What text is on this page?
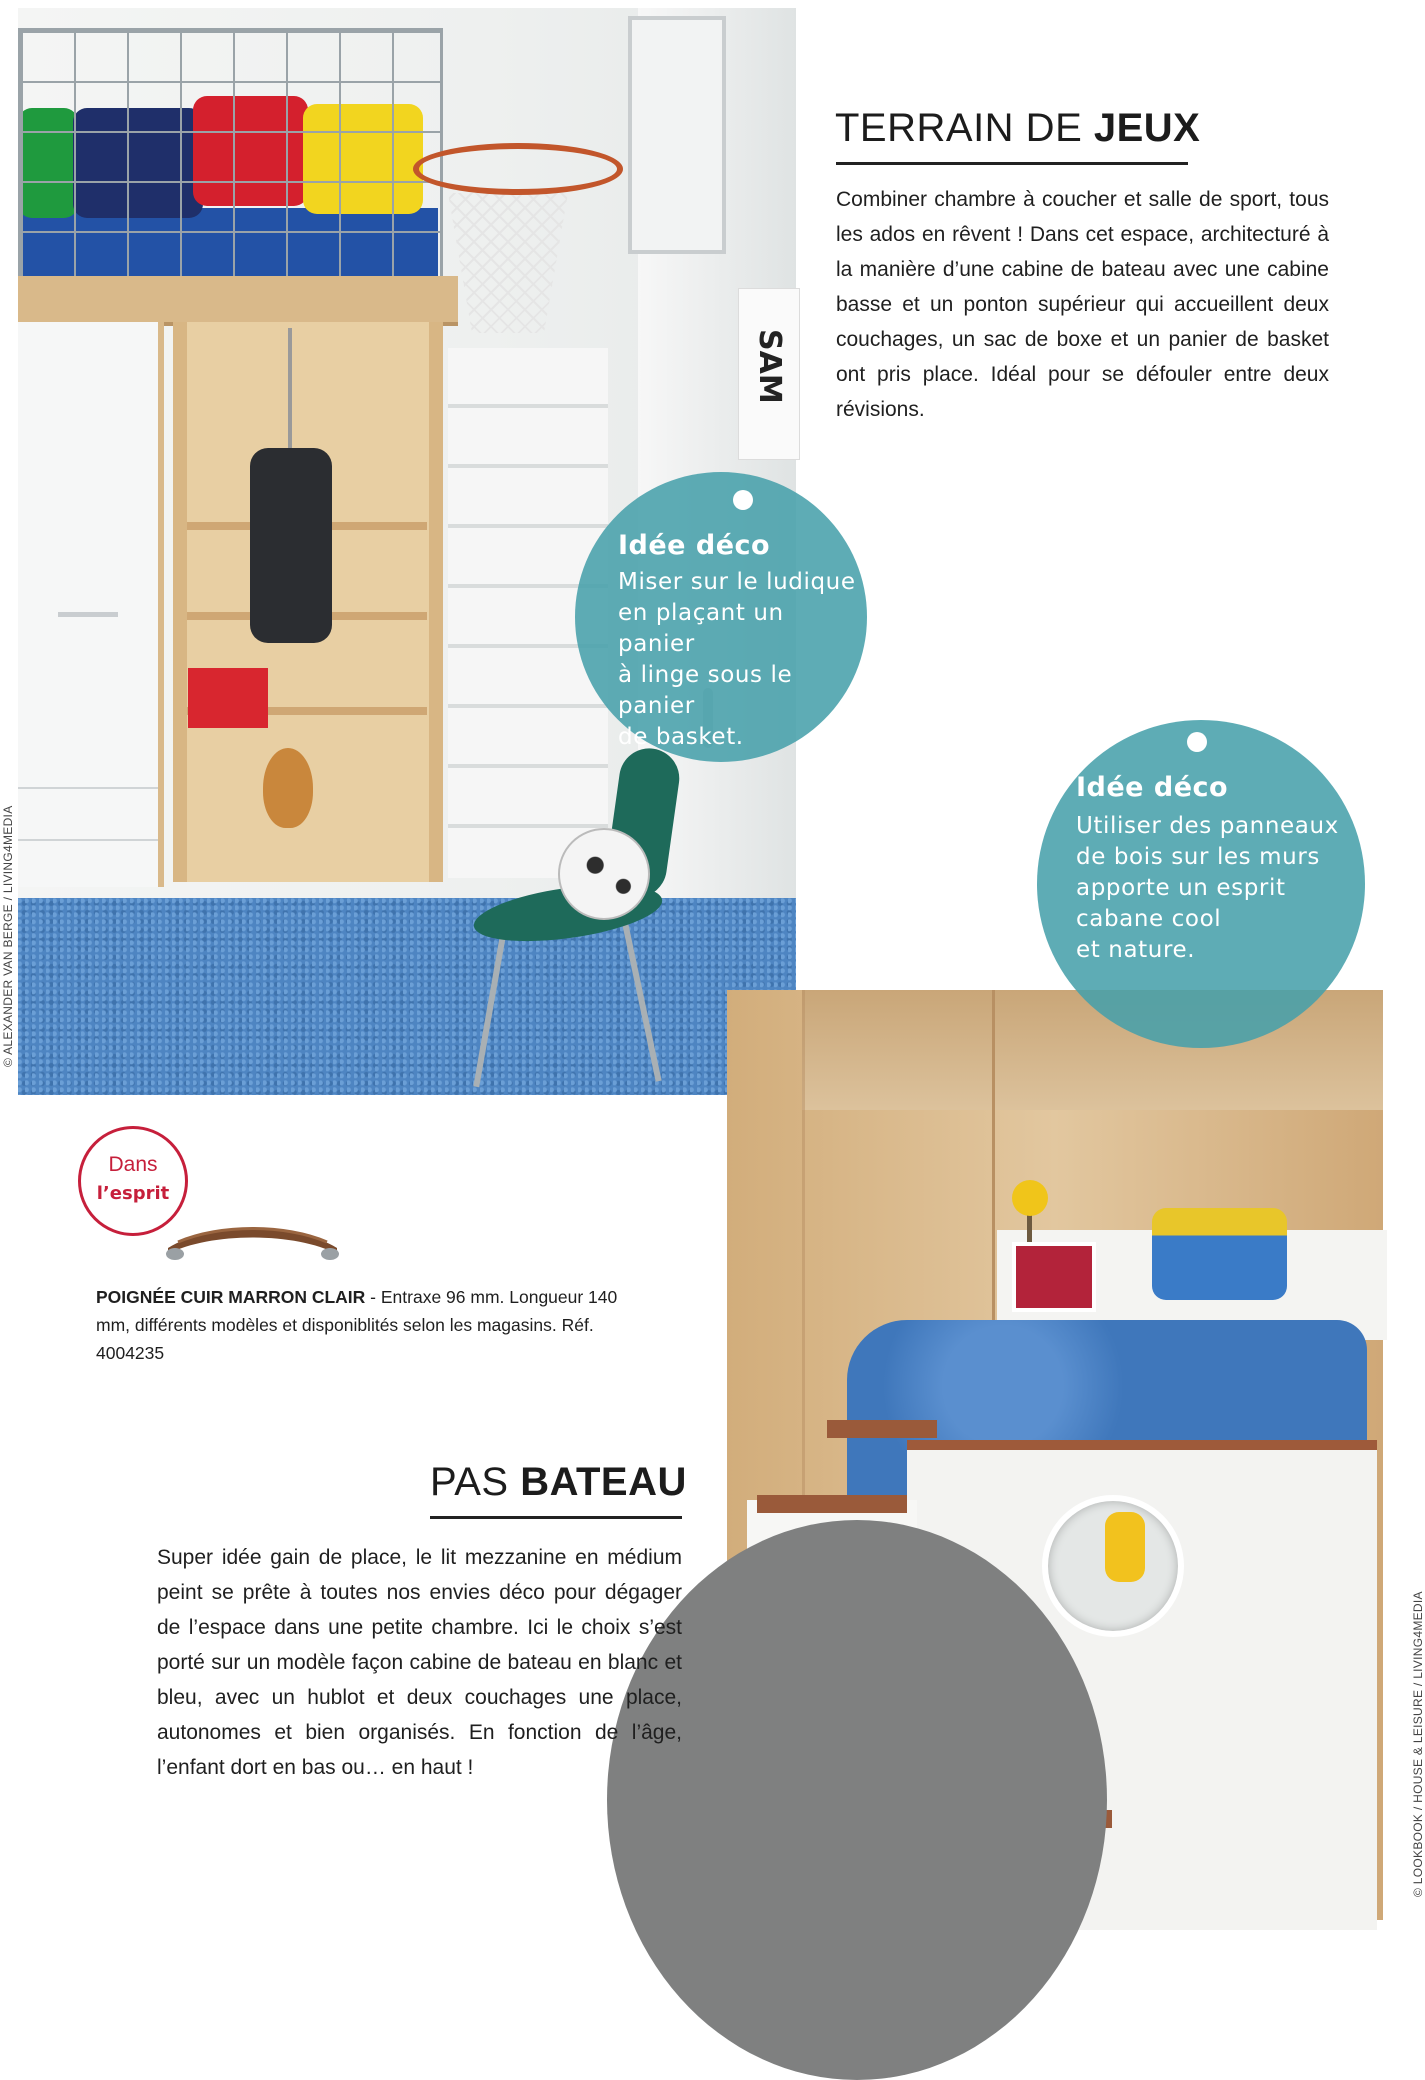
SAM
Idée déco
Miser sur le ludique
en plaçant un panier
à linge sous le panier
de basket.
Idée déco
Utiliser des panneaux
de bois sur les murs
apporte un esprit
cabane cool
et nature.
TERRAIN DE JEUX
Combiner chambre à coucher et salle de sport, tous les ados en rêvent ! Dans cet espace, architecturé à la manière d’une cabine de bateau avec une cabine basse et un ponton supérieur qui accueillent deux couchages, un sac de boxe et un panier de basket ont pris place. Idéal pour se défouler entre deux révisions.
Dans
l’esprit
POIGNÉE CUIR MARRON CLAIR - Entraxe 96 mm. Longueur 140 mm, différents modèles et disponiblités selon les magasins. Réf. 4004235
PAS BATEAU
Super idée gain de place, le lit mezzanine en médium peint se prête à toutes nos envies déco pour dégager de l’espace dans une petite chambre. Ici le choix s’est porté sur un modèle façon cabine de bateau en blanc et bleu, avec un hublot et deux couchages une place, autonomes et bien organisés. En fonction de l’âge, l’enfant dort en bas ou… en haut !
© ALEXANDER VAN BERGE / LIVING4MEDIA
© LOOKBOOK / HOUSE & LEISURE / LIVING4MEDIA
